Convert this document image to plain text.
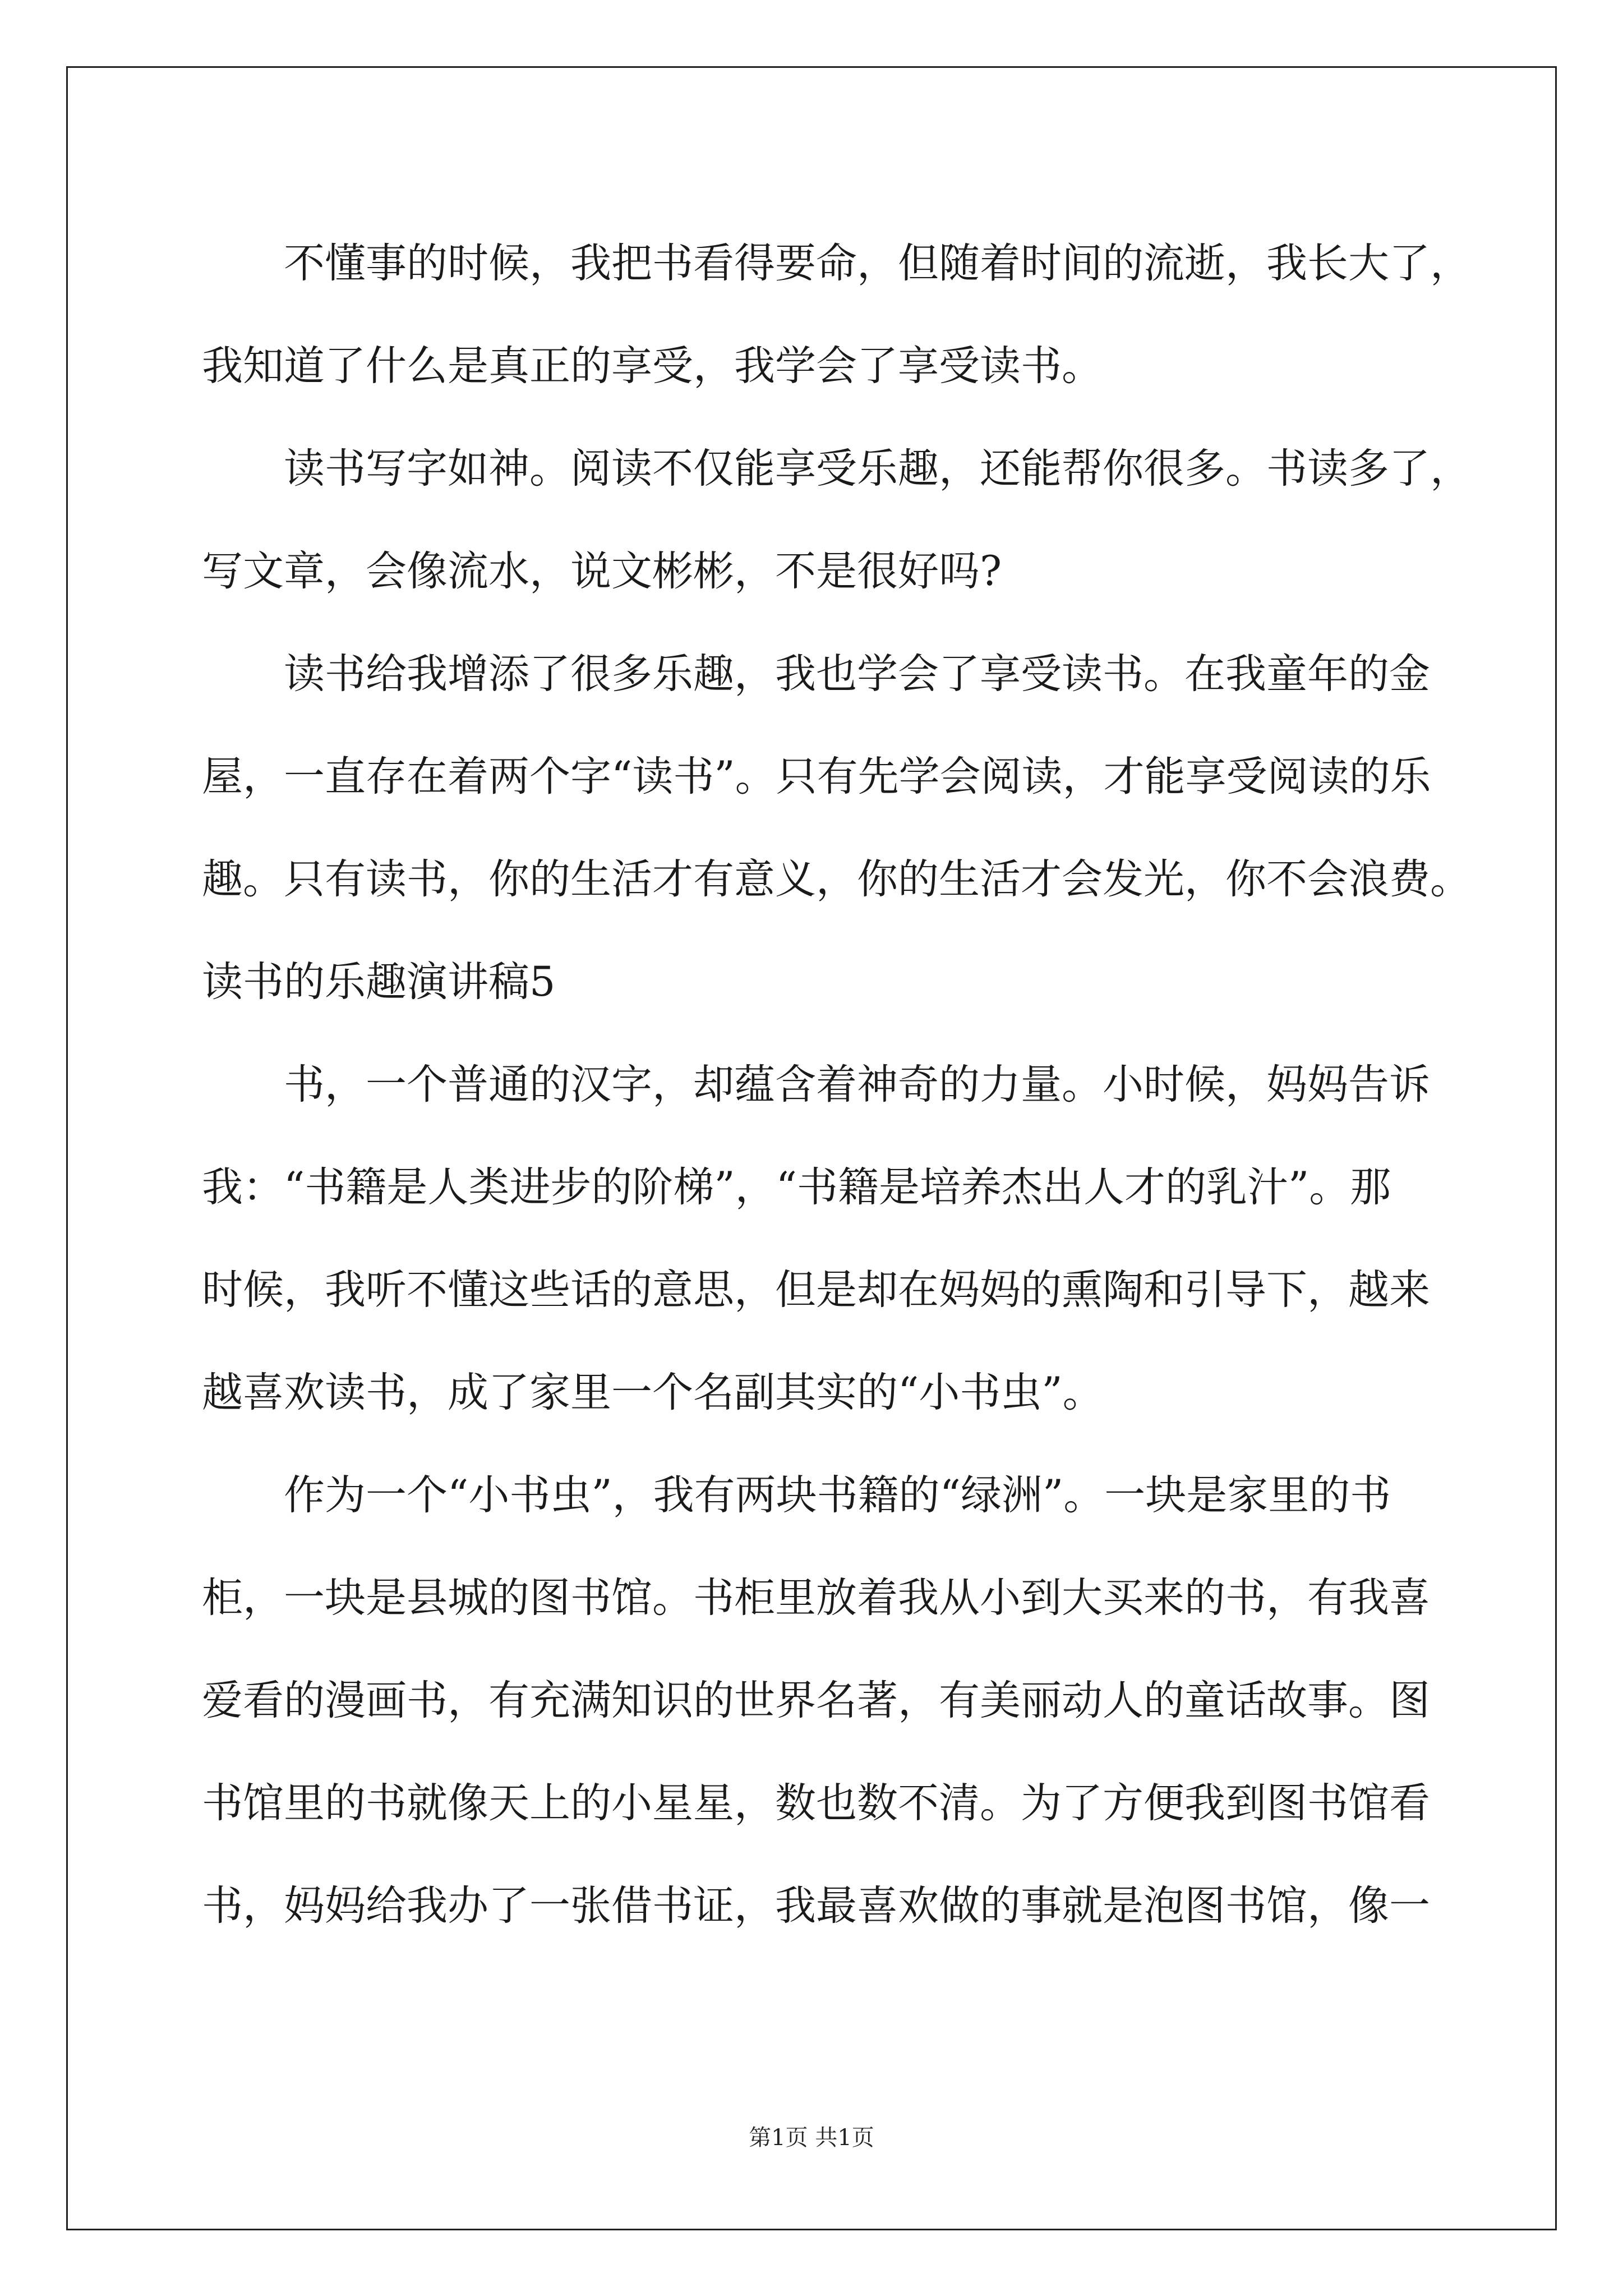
不懂事的时候，我把书看得要命，但随着时间的流逝，我长大了，
我知道了什么是真正的享受，我学会了享受读书。
读书写字如神。阅读不仅能享受乐趣，还能帮你很多。书读多了，
写文章，会像流水，说文彬彬，不是很好吗?
读书给我增添了很多乐趣，我也学会了享受读书。在我童年的金
屋，一直存在着两个字“读书”。只有先学会阅读，才能享受阅读的乐
趣。只有读书，你的生活才有意义，你的生活才会发光，你不会浪费。
读书的乐趣演讲稿5
书，一个普通的汉字，却蕴含着神奇的力量。小时候，妈妈告诉
我：“书籍是人类进步的阶梯”，“书籍是培养杰出人才的乳汁”。那
时候，我听不懂这些话的意思，但是却在妈妈的熏陶和引导下，越来
越喜欢读书，成了家里一个名副其实的“小书虫”。
作为一个“小书虫”，我有两块书籍的“绿洲”。一块是家里的书
柜，一块是县城的图书馆。书柜里放着我从小到大买来的书，有我喜
爱看的漫画书，有充满知识的世界名著，有美丽动人的童话故事。图
书馆里的书就像天上的小星星，数也数不清。为了方便我到图书馆看
书，妈妈给我办了一张借书证，我最喜欢做的事就是泡图书馆，像一
第1页 共1页
